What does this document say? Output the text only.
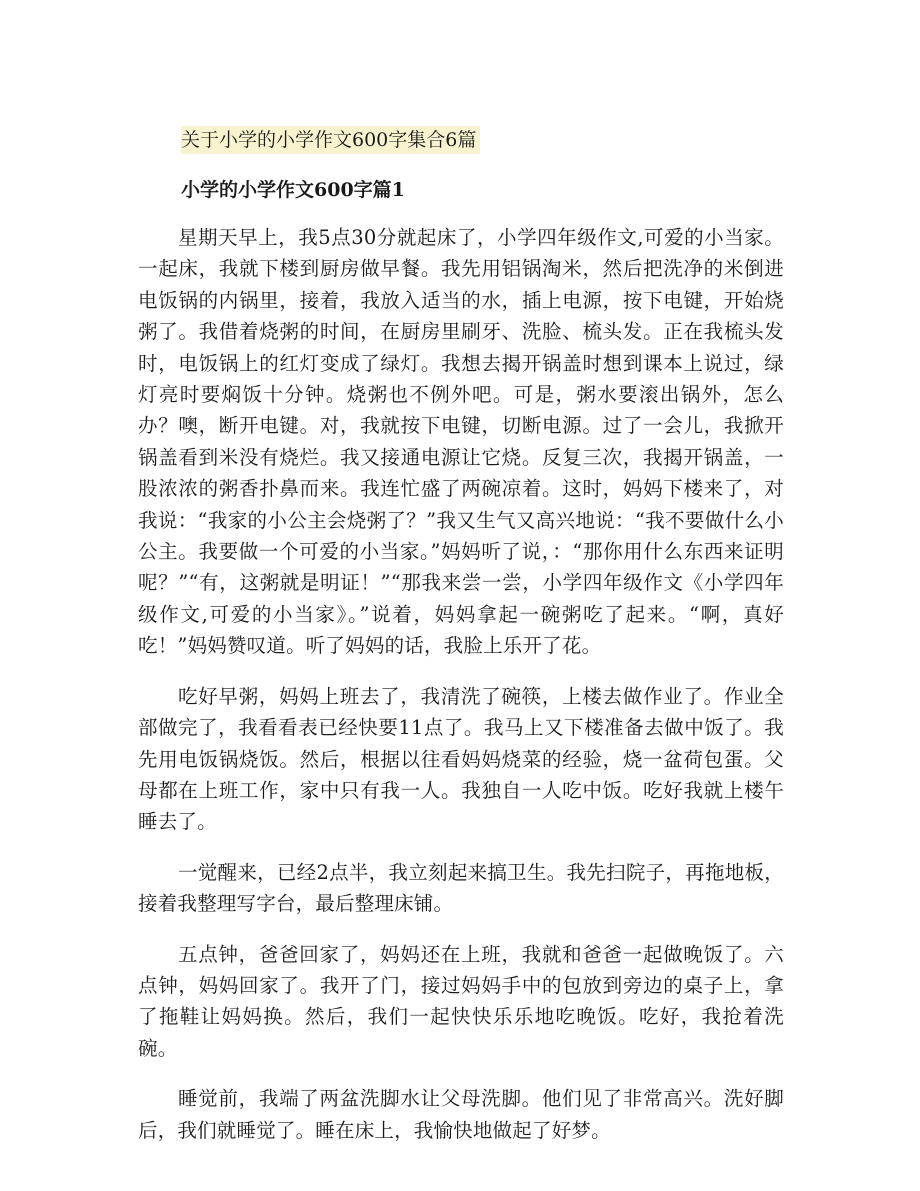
关于小学的小学作文600字集合6篇
小学的小学作文600字篇1

星期天早上，我5点30分就起床了，小学四年级作文,可爱的小当家。一起床，我就下楼到厨房做早餐。我先用铝锅淘米，然后把洗净的米倒进电饭锅的内锅里，接着，我放入适当的水，插上电源，按下电键，开始烧粥了。我借着烧粥的时间，在厨房里刷牙、洗脸、梳头发。正在我梳头发时，电饭锅上的红灯变成了绿灯。我想去揭开锅盖时想到课本上说过，绿灯亮时要焖饭十分钟。烧粥也不例外吧。可是，粥水要滚出锅外，怎么办？噢，断开电键。对，我就按下电键，切断电源。过了一会儿，我掀开锅盖看到米没有烧烂。我又接通电源让它烧。反复三次，我揭开锅盖，一股浓浓的粥香扑鼻而来。我连忙盛了两碗凉着。这时，妈妈下楼来了，对我说：“我家的小公主会烧粥了？”我又生气又高兴地说：“我不要做什么小公主。我要做一个可爱的小当家。”妈妈听了说，：“那你用什么东西来证明呢？”“有，这粥就是明证！”“那我来尝一尝，小学四年级作文《小学四年级作文,可爱的小当家》。”说着，妈妈拿起一碗粥吃了起来。“啊，真好吃！”妈妈赞叹道。听了妈妈的话，我脸上乐开了花。

吃好早粥，妈妈上班去了，我清洗了碗筷，上楼去做作业了。作业全部做完了，我看看表已经快要11点了。我马上又下楼准备去做中饭了。我先用电饭锅烧饭。然后，根据以往看妈妈烧菜的经验，烧一盆荷包蛋。父母都在上班工作，家中只有我一人。我独自一人吃中饭。吃好我就上楼午睡去了。

一觉醒来，已经2点半，我立刻起来搞卫生。我先扫院子，再拖地板，接着我整理写字台，最后整理床铺。

五点钟，爸爸回家了，妈妈还在上班，我就和爸爸一起做晚饭了。六点钟，妈妈回家了。我开了门，接过妈妈手中的包放到旁边的桌子上，拿了拖鞋让妈妈换。然后，我们一起快快乐乐地吃晚饭。吃好，我抢着洗碗。

睡觉前，我端了两盆洗脚水让父母洗脚。他们见了非常高兴。洗好脚后，我们就睡觉了。睡在床上，我愉快地做起了好梦。
